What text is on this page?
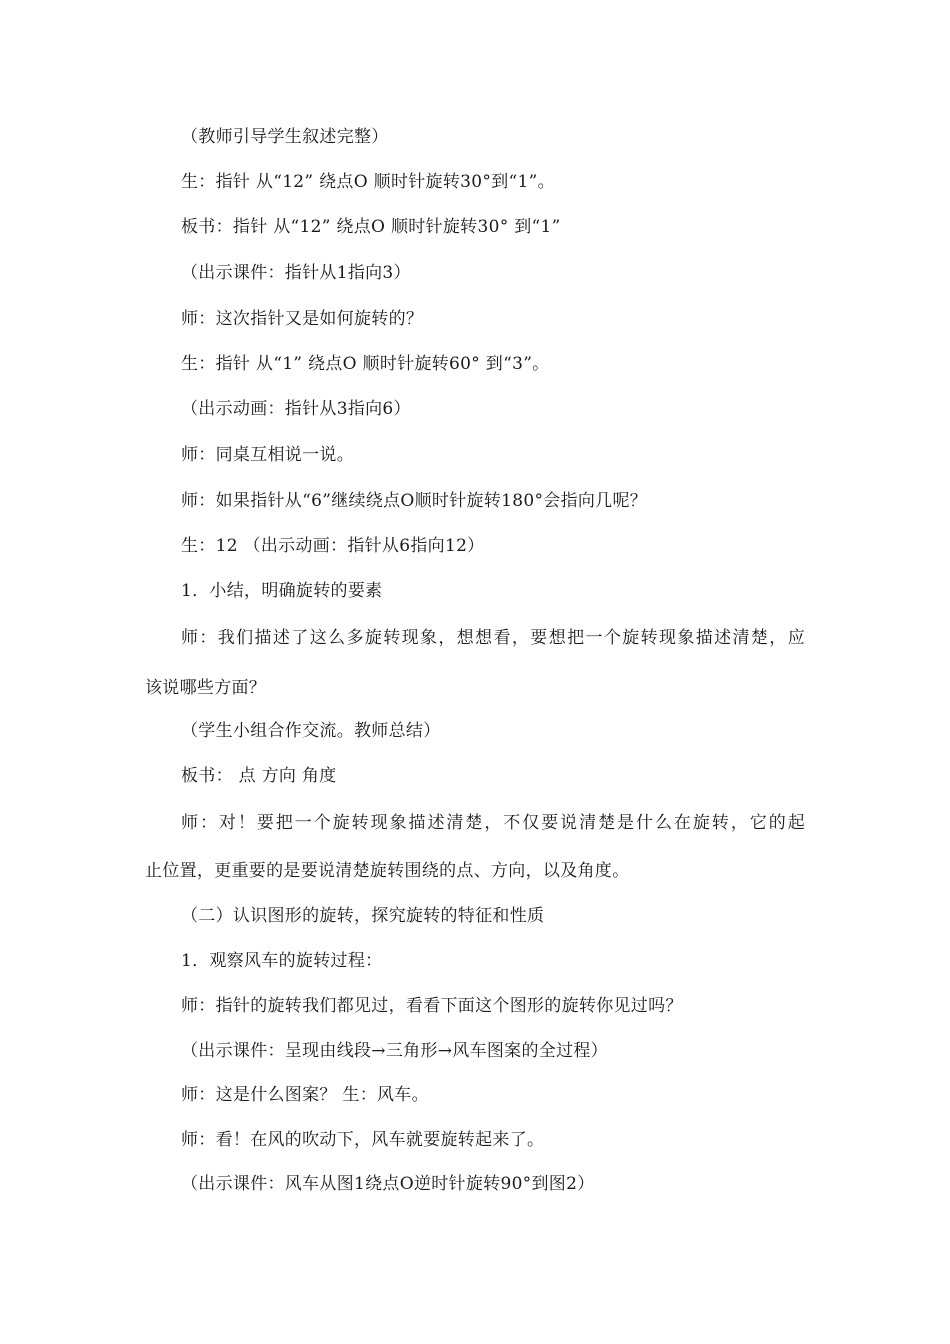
（教师引导学生叙述完整）
生：指针 从“12” 绕点O 顺时针旋转30°到“1”。
板书：指针 从“12” 绕点O 顺时针旋转30° 到“1”
（出示课件：指针从1指向3）
师：这次指针又是如何旋转的？
生：指针 从“1” 绕点O 顺时针旋转60° 到“3”。
（出示动画：指针从3指向6）
师：同桌互相说一说。
师：如果指针从“6”继续绕点O顺时针旋转180°会指向几呢？
生：12 （出示动画：指针从6指向12）
1．小结，明确旋转的要素
师：我们描述了这么多旋转现象，想想看，要想把一个旋转现象描述清楚，应
该说哪些方面？
（学生小组合作交流。教师总结）
板书： 点 方向 角度
师：对！要把一个旋转现象描述清楚，不仅要说清楚是什么在旋转，它的起
止位置，更重要的是要说清楚旋转围绕的点、方向，以及角度。
（二）认识图形的旋转，探究旋转的特征和性质
1．观察风车的旋转过程：
师：指针的旋转我们都见过，看看下面这个图形的旋转你见过吗？
（出示课件：呈现由线段→三角形→风车图案的全过程）
师：这是什么图案？ 生：风车。
师：看！在风的吹动下，风车就要旋转起来了。
（出示课件：风车从图1绕点O逆时针旋转90°到图2）
